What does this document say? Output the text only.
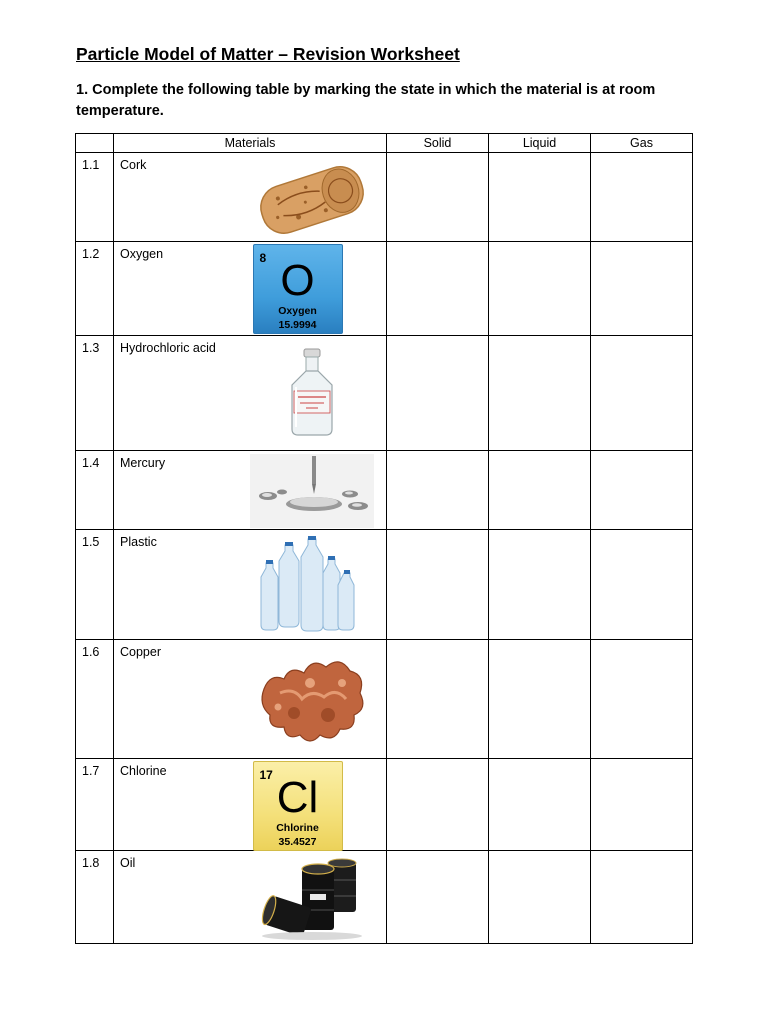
Particle Model of Matter – Revision Worksheet

1. Complete the following table by marking the state in which the material is at room temperature.

	Materials		Solid	Liquid	Gas
1.1	Cork	

1.2	Oxygen	8 O
Oxygen
15.9994			

1.3	Hydrochloric acid	

1.4	Mercury	

1.5	Plastic	

1.6	Copper	

1.7	Chlorine	17 Cl
Chlorine
35.4527			

1.8	Oil	
